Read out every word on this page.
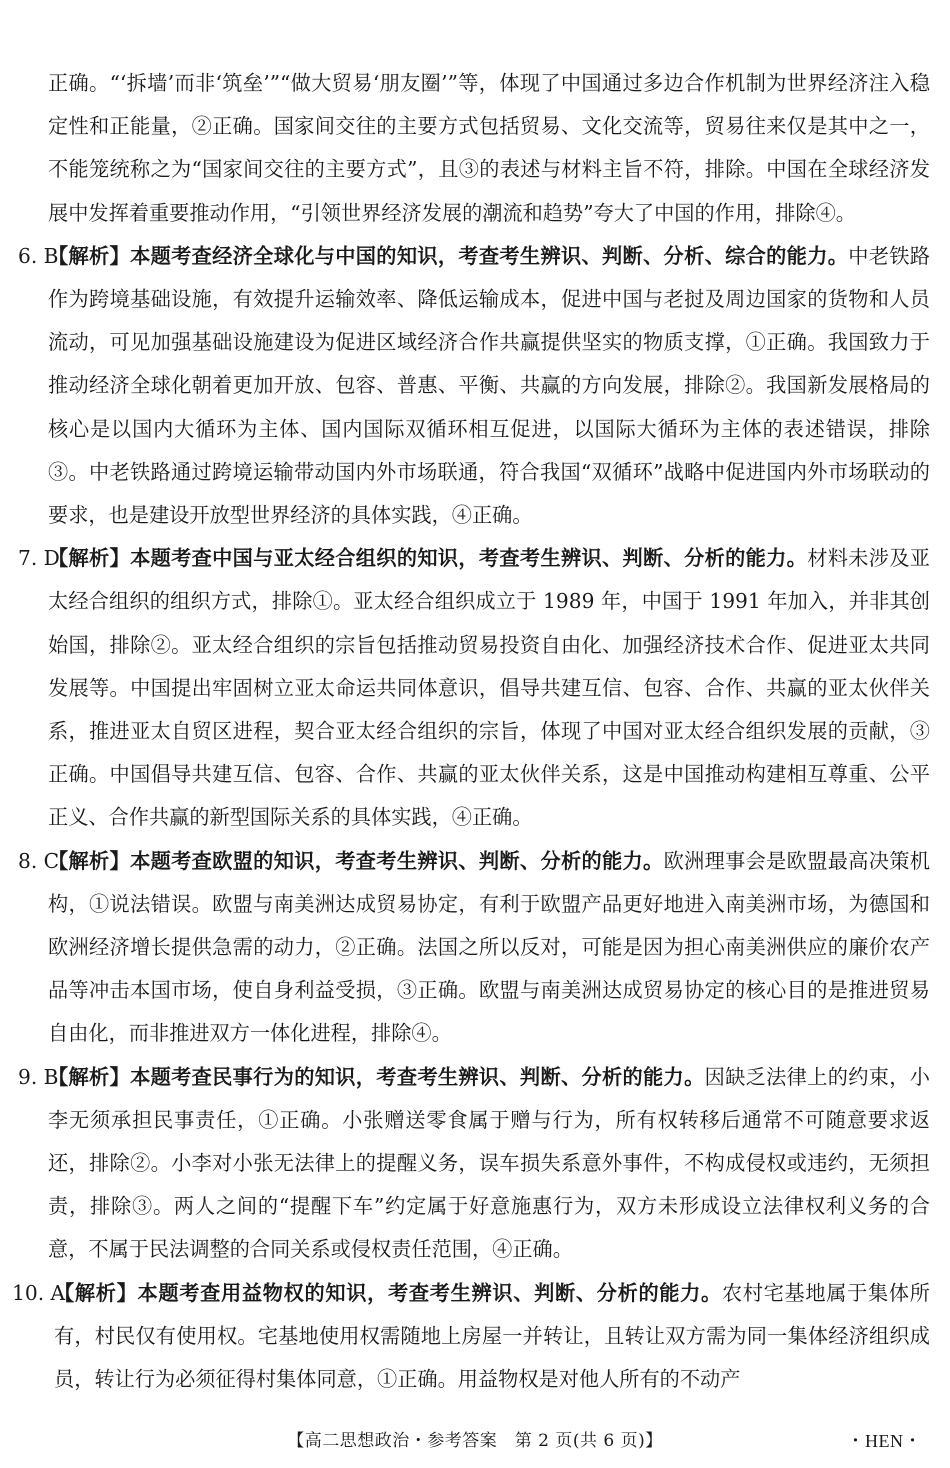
正确。“‘拆墙’而非‘筑垒’”“做大贸易‘朋友圈’”等，体现了中国通过多边合作机制为世界经济注入稳定性和正能量，②正确。国家间交往的主要方式包括贸易、文化交流等，贸易往来仅是其中之一，不能笼统称之为“国家间交往的主要方式”，且③的表述与材料主旨不符，排除。中国在全球经济发展中发挥着重要推动作用，“引领世界经济发展的潮流和趋势”夸大了中国的作用，排除④。

6. B
【解析】本题考查经济全球化与中国的知识，考查考生辨识、判断、分析、综合的能力。中老铁路作为跨境基础设施，有效提升运输效率、降低运输成本，促进中国与老挝及周边国家的货物和人员流动，可见加强基础设施建设为促进区域经济合作共赢提供坚实的物质支撑，①正确。我国致力于推动经济全球化朝着更加开放、包容、普惠、平衡、共赢的方向发展，排除②。我国新发展格局的核心是以国内大循环为主体、国内国际双循环相互促进，以国际大循环为主体的表述错误，排除③。中老铁路通过跨境运输带动国内外市场联通，符合我国“双循环”战略中促进国内外市场联动的要求，也是建设开放型世界经济的具体实践，④正确。

7. D
【解析】本题考查中国与亚太经合组织的知识，考查考生辨识、判断、分析的能力。材料未涉及亚太经合组织的组织方式，排除①。亚太经合组织成立于 1989 年，中国于 1991 年加入，并非其创始国，排除②。亚太经合组织的宗旨包括推动贸易投资自由化、加强经济技术合作、促进亚太共同发展等。中国提出牢固树立亚太命运共同体意识，倡导共建互信、包容、合作、共赢的亚太伙伴关系，推进亚太自贸区进程，契合亚太经合组织的宗旨，体现了中国对亚太经合组织发展的贡献，③正确。中国倡导共建互信、包容、合作、共赢的亚太伙伴关系，这是中国推动构建相互尊重、公平正义、合作共赢的新型国际关系的具体实践，④正确。

8. C
【解析】本题考查欧盟的知识，考查考生辨识、判断、分析的能力。欧洲理事会是欧盟最高决策机构，①说法错误。欧盟与南美洲达成贸易协定，有利于欧盟产品更好地进入南美洲市场，为德国和欧洲经济增长提供急需的动力，②正确。法国之所以反对，可能是因为担心南美洲供应的廉价农产品等冲击本国市场，使自身利益受损，③正确。欧盟与南美洲达成贸易协定的核心目的是推进贸易自由化，而非推进双方一体化进程，排除④。

9. B
【解析】本题考查民事行为的知识，考查考生辨识、判断、分析的能力。因缺乏法律上的约束，小李无须承担民事责任，①正确。小张赠送零食属于赠与行为，所有权转移后通常不可随意要求返还，排除②。小李对小张无法律上的提醒义务，误车损失系意外事件，不构成侵权或违约，无须担责，排除③。两人之间的“提醒下车”约定属于好意施惠行为，双方未形成设立法律权利义务的合意，不属于民法调整的合同关系或侵权责任范围，④正确。

10. A
【解析】本题考查用益物权的知识，考查考生辨识、判断、分析的能力。农村宅基地属于集体所有，村民仅有使用权。宅基地使用权需随地上房屋一并转让，且转让双方需为同一集体经济组织成员，转让行为必须征得村集体同意，①正确。用益物权是对他人所有的不动产

【高二思想政治・参考答案　第 2 页(共 6 页)】	・HEN・
